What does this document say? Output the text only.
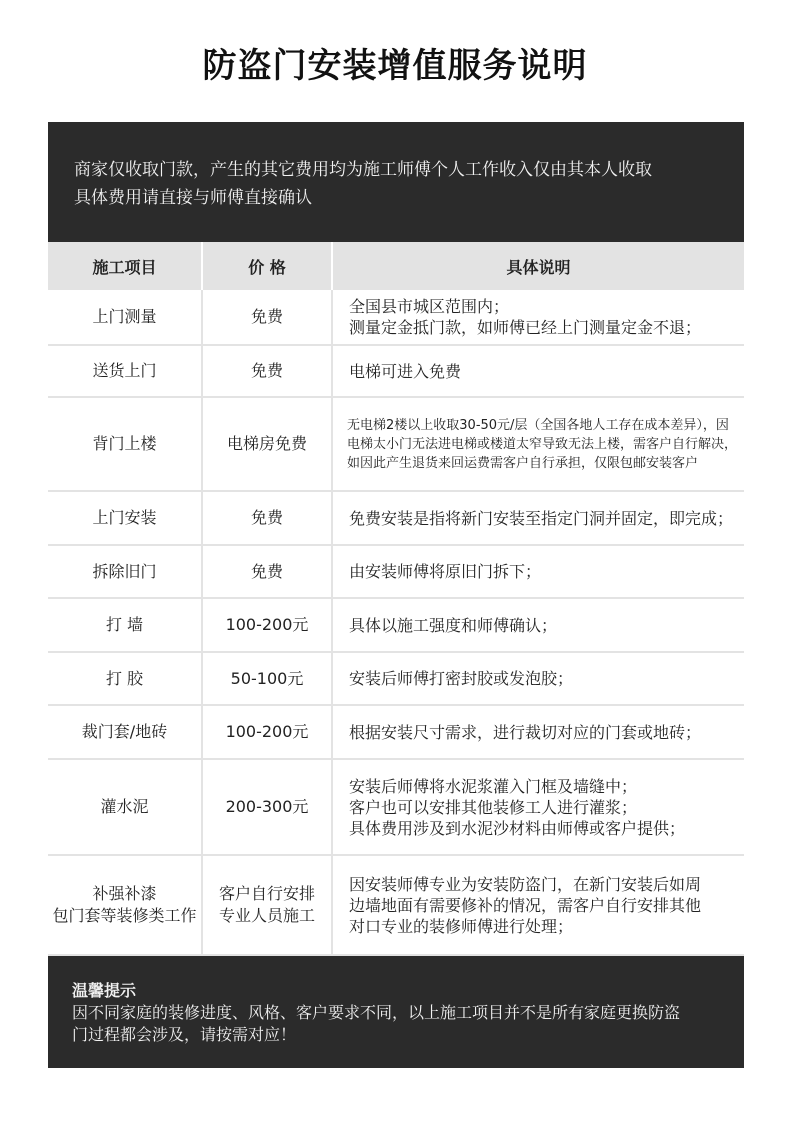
防盗门安装增值服务说明
商家仅收取门款，产生的其它费用均为施工师傅个人工作收入仅由其本人收取
具体费用请直接与师傅直接确认
施工项目	价 格	具体说明

上门测量	免费	全国县市城区范围内；
测量定金抵门款，如师傅已经上门测量定金不退；

送货上门	免费	电梯可进入免费

背门上楼	电梯房免费	无电梯2楼以上收取30-50元/层（全国各地人工存在成本差异），因
电梯太小门无法进电梯或楼道太窄导致无法上楼，需客户自行解决，
如因此产生退货来回运费需客户自行承担，仅限包邮安装客户

上门安装	免费	免费安装是指将新门安装至指定门洞并固定，即完成；

拆除旧门	免费	由安装师傅将原旧门拆下；

打 墙	100-200元	具体以施工强度和师傅确认；

打 胶	50-100元	安装后师傅打密封胶或发泡胶；

裁门套/地砖	100-200元	根据安装尺寸需求，进行裁切对应的门套或地砖；

灌水泥	200-300元	安装后师傅将水泥浆灌入门框及墙缝中；
客户也可以安排其他装修工人进行灌浆；
具体费用涉及到水泥沙材料由师傅或客户提供；

补强补漆
包门套等装修类工作	客户自行安排
专业人员施工	因安装师傅专业为安装防盗门，在新门安装后如周
边墙地面有需要修补的情况，需客户自行安排其他
对口专业的装修师傅进行处理；
温馨提示
因不同家庭的装修进度、风格、客户要求不同，以上施工项目并不是所有家庭更换防盗
门过程都会涉及，请按需对应！
